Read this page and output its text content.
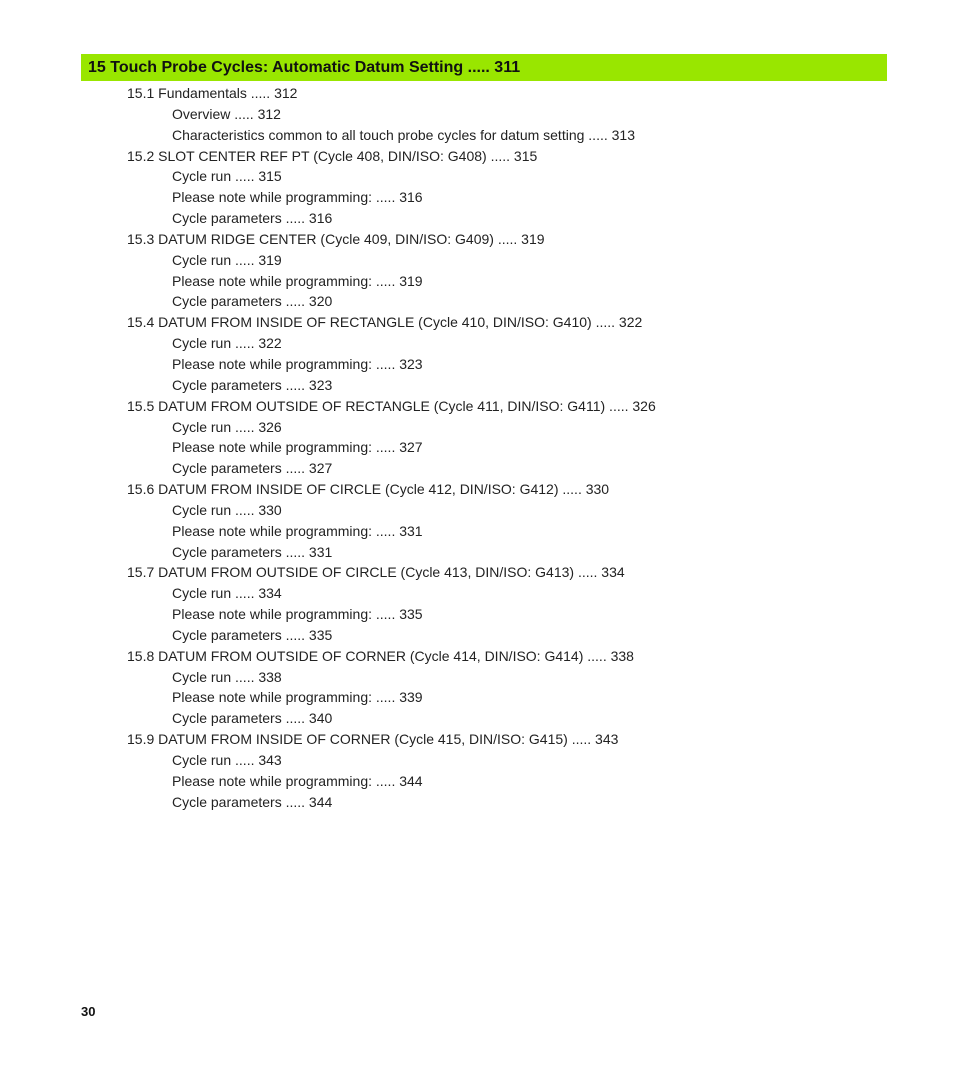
15 Touch Probe Cycles: Automatic Datum Setting ..... 311
15.1 Fundamentals ..... 312
Overview ..... 312
Characteristics common to all touch probe cycles for datum setting ..... 313
15.2 SLOT CENTER REF PT (Cycle 408, DIN/ISO: G408) ..... 315
Cycle run ..... 315
Please note while programming: ..... 316
Cycle parameters ..... 316
15.3 DATUM RIDGE CENTER (Cycle 409, DIN/ISO: G409) ..... 319
Cycle run ..... 319
Please note while programming: ..... 319
Cycle parameters ..... 320
15.4 DATUM FROM INSIDE OF RECTANGLE (Cycle 410, DIN/ISO: G410) ..... 322
Cycle run ..... 322
Please note while programming: ..... 323
Cycle parameters ..... 323
15.5 DATUM FROM OUTSIDE OF RECTANGLE (Cycle 411, DIN/ISO: G411) ..... 326
Cycle run ..... 326
Please note while programming: ..... 327
Cycle parameters ..... 327
15.6 DATUM FROM INSIDE OF CIRCLE (Cycle 412, DIN/ISO: G412) ..... 330
Cycle run ..... 330
Please note while programming: ..... 331
Cycle parameters ..... 331
15.7 DATUM FROM OUTSIDE OF CIRCLE (Cycle 413, DIN/ISO: G413) ..... 334
Cycle run ..... 334
Please note while programming: ..... 335
Cycle parameters ..... 335
15.8 DATUM FROM OUTSIDE OF CORNER (Cycle 414, DIN/ISO: G414) ..... 338
Cycle run ..... 338
Please note while programming: ..... 339
Cycle parameters ..... 340
15.9 DATUM FROM INSIDE OF CORNER (Cycle 415, DIN/ISO: G415) ..... 343
Cycle run ..... 343
Please note while programming: ..... 344
Cycle parameters ..... 344
30
